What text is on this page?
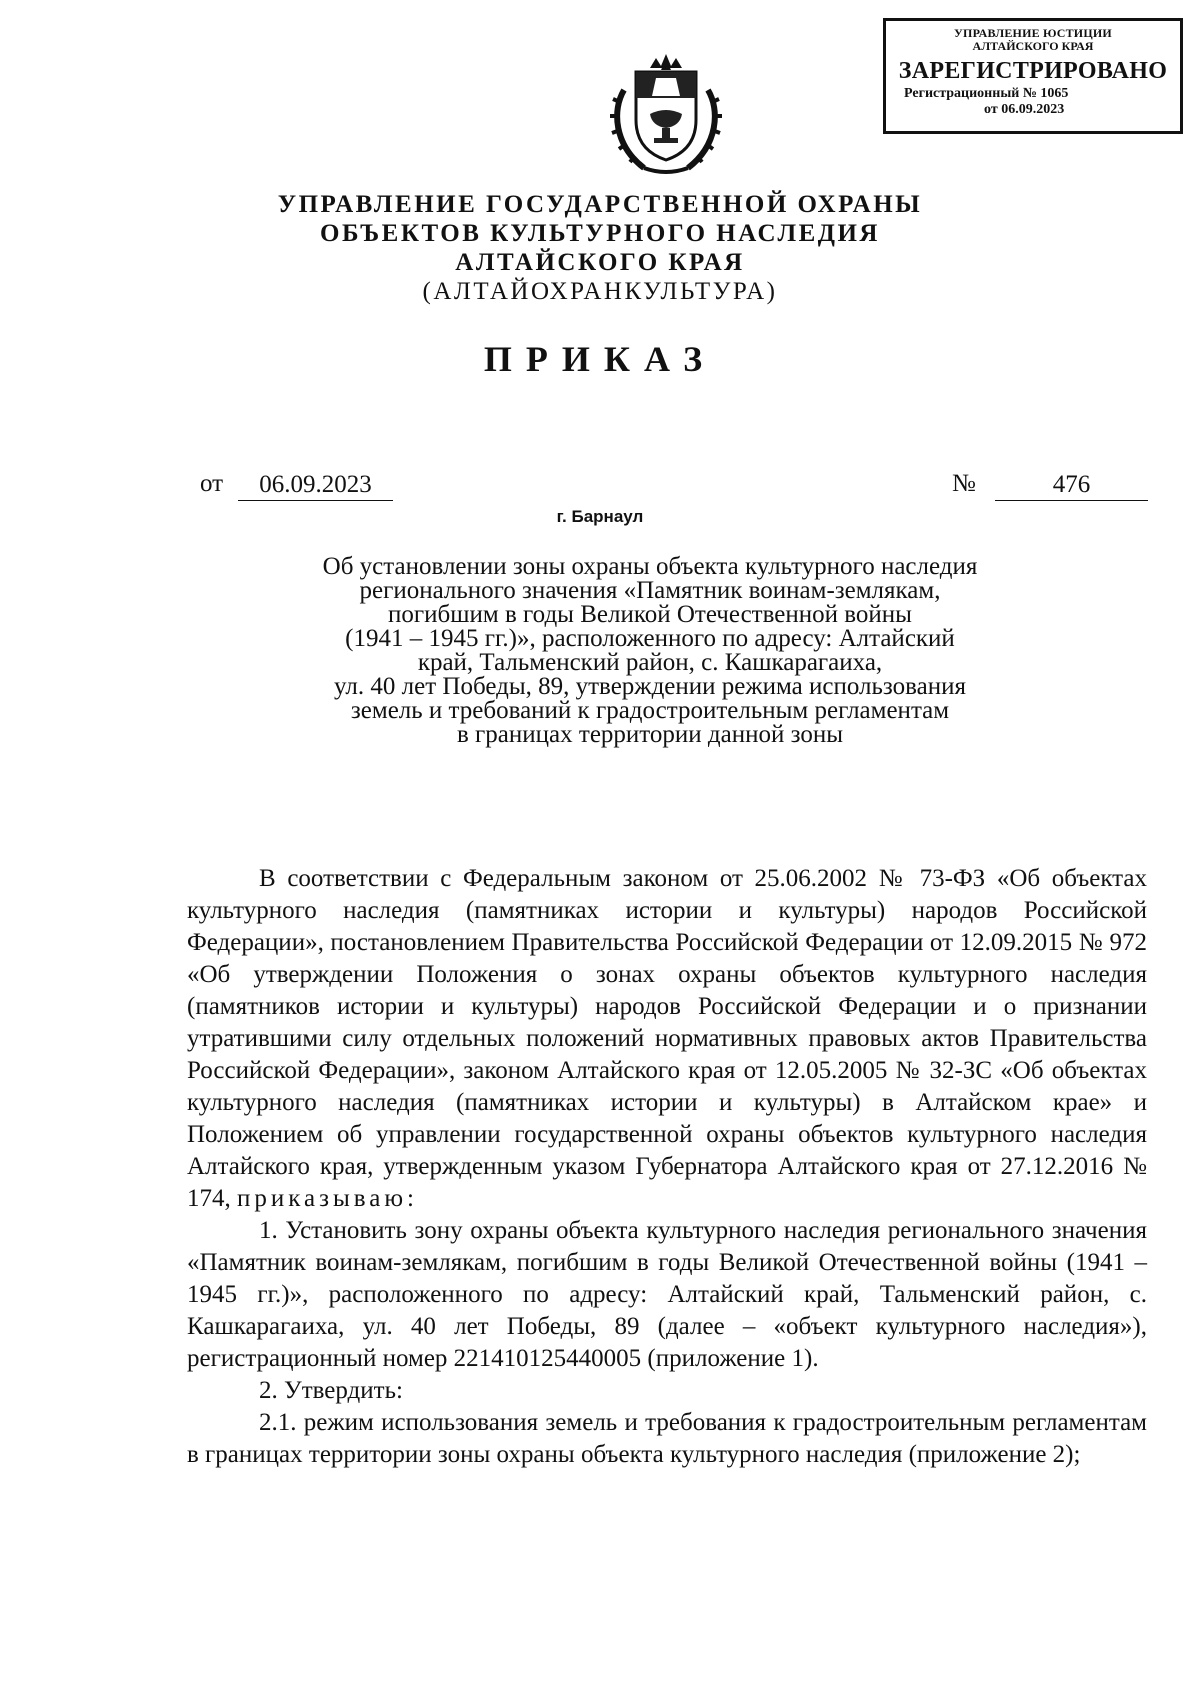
УПРАВЛЕНИЕ ЮСТИЦИИ
АЛТАЙСКОГО КРАЯ
ЗАРЕГИСТРИРОВАНО
Регистрационный № 1065
от 06.09.2023
УПРАВЛЕНИЕ ГОСУДАРСТВЕННОЙ ОХРАНЫ
ОБЪЕКТОВ КУЛЬТУРНОГО НАСЛЕДИЯ
АЛТАЙСКОГО КРАЯ
(АЛТАЙОХРАНКУЛЬТУРА)
ПРИКАЗ
от	06.09.2023	№	476
г. Барнаул
Об установлении зоны охраны объекта культурного наследия
регионального значения «Памятник воинам-землякам,
погибшим в годы Великой Отечественной войны
(1941 – 1945 гг.)», расположенного по адресу: Алтайский
край, Тальменский район, с. Кашкарагаиха,
ул. 40 лет Победы, 89, утверждении режима использования
земель и требований к градостроительным регламентам
в границах территории данной зоны

В соответствии с Федеральным законом от 25.06.2002 № 73-ФЗ «Об объектах культурного наследия (памятниках истории и культуры) народов Российской Федерации», постановлением Правительства Российской Федерации от 12.09.2015 № 972 «Об утверждении Положения о зонах охраны объектов культурного наследия (памятников истории и культуры) народов Российской Федерации и о признании утратившими силу отдельных положений нормативных правовых актов Правительства Российской Федерации», законом Алтайского края от 12.05.2005 № 32-ЗС «Об объектах культурного наследия (памятниках истории и культуры) в Алтайском крае» и Положением об управлении государственной охраны объектов культурного наследия Алтайского края, утвержденным указом Губернатора Алтайского края от 27.12.2016 № 174, приказываю:

1. Установить зону охраны объекта культурного наследия регионального значения «Памятник воинам-землякам, погибшим в годы Великой Отечественной войны (1941 – 1945 гг.)», расположенного по адресу: Алтайский край, Тальменский район, с. Кашкарагаиха, ул. 40 лет Победы, 89 (далее – «объект культурного наследия»), регистрационный номер 221410125440005 (приложение 1).

2. Утвердить:

2.1. режим использования земель и требования к градостроительным регламентам в границах территории зоны охраны объекта культурного наследия (приложение 2);
